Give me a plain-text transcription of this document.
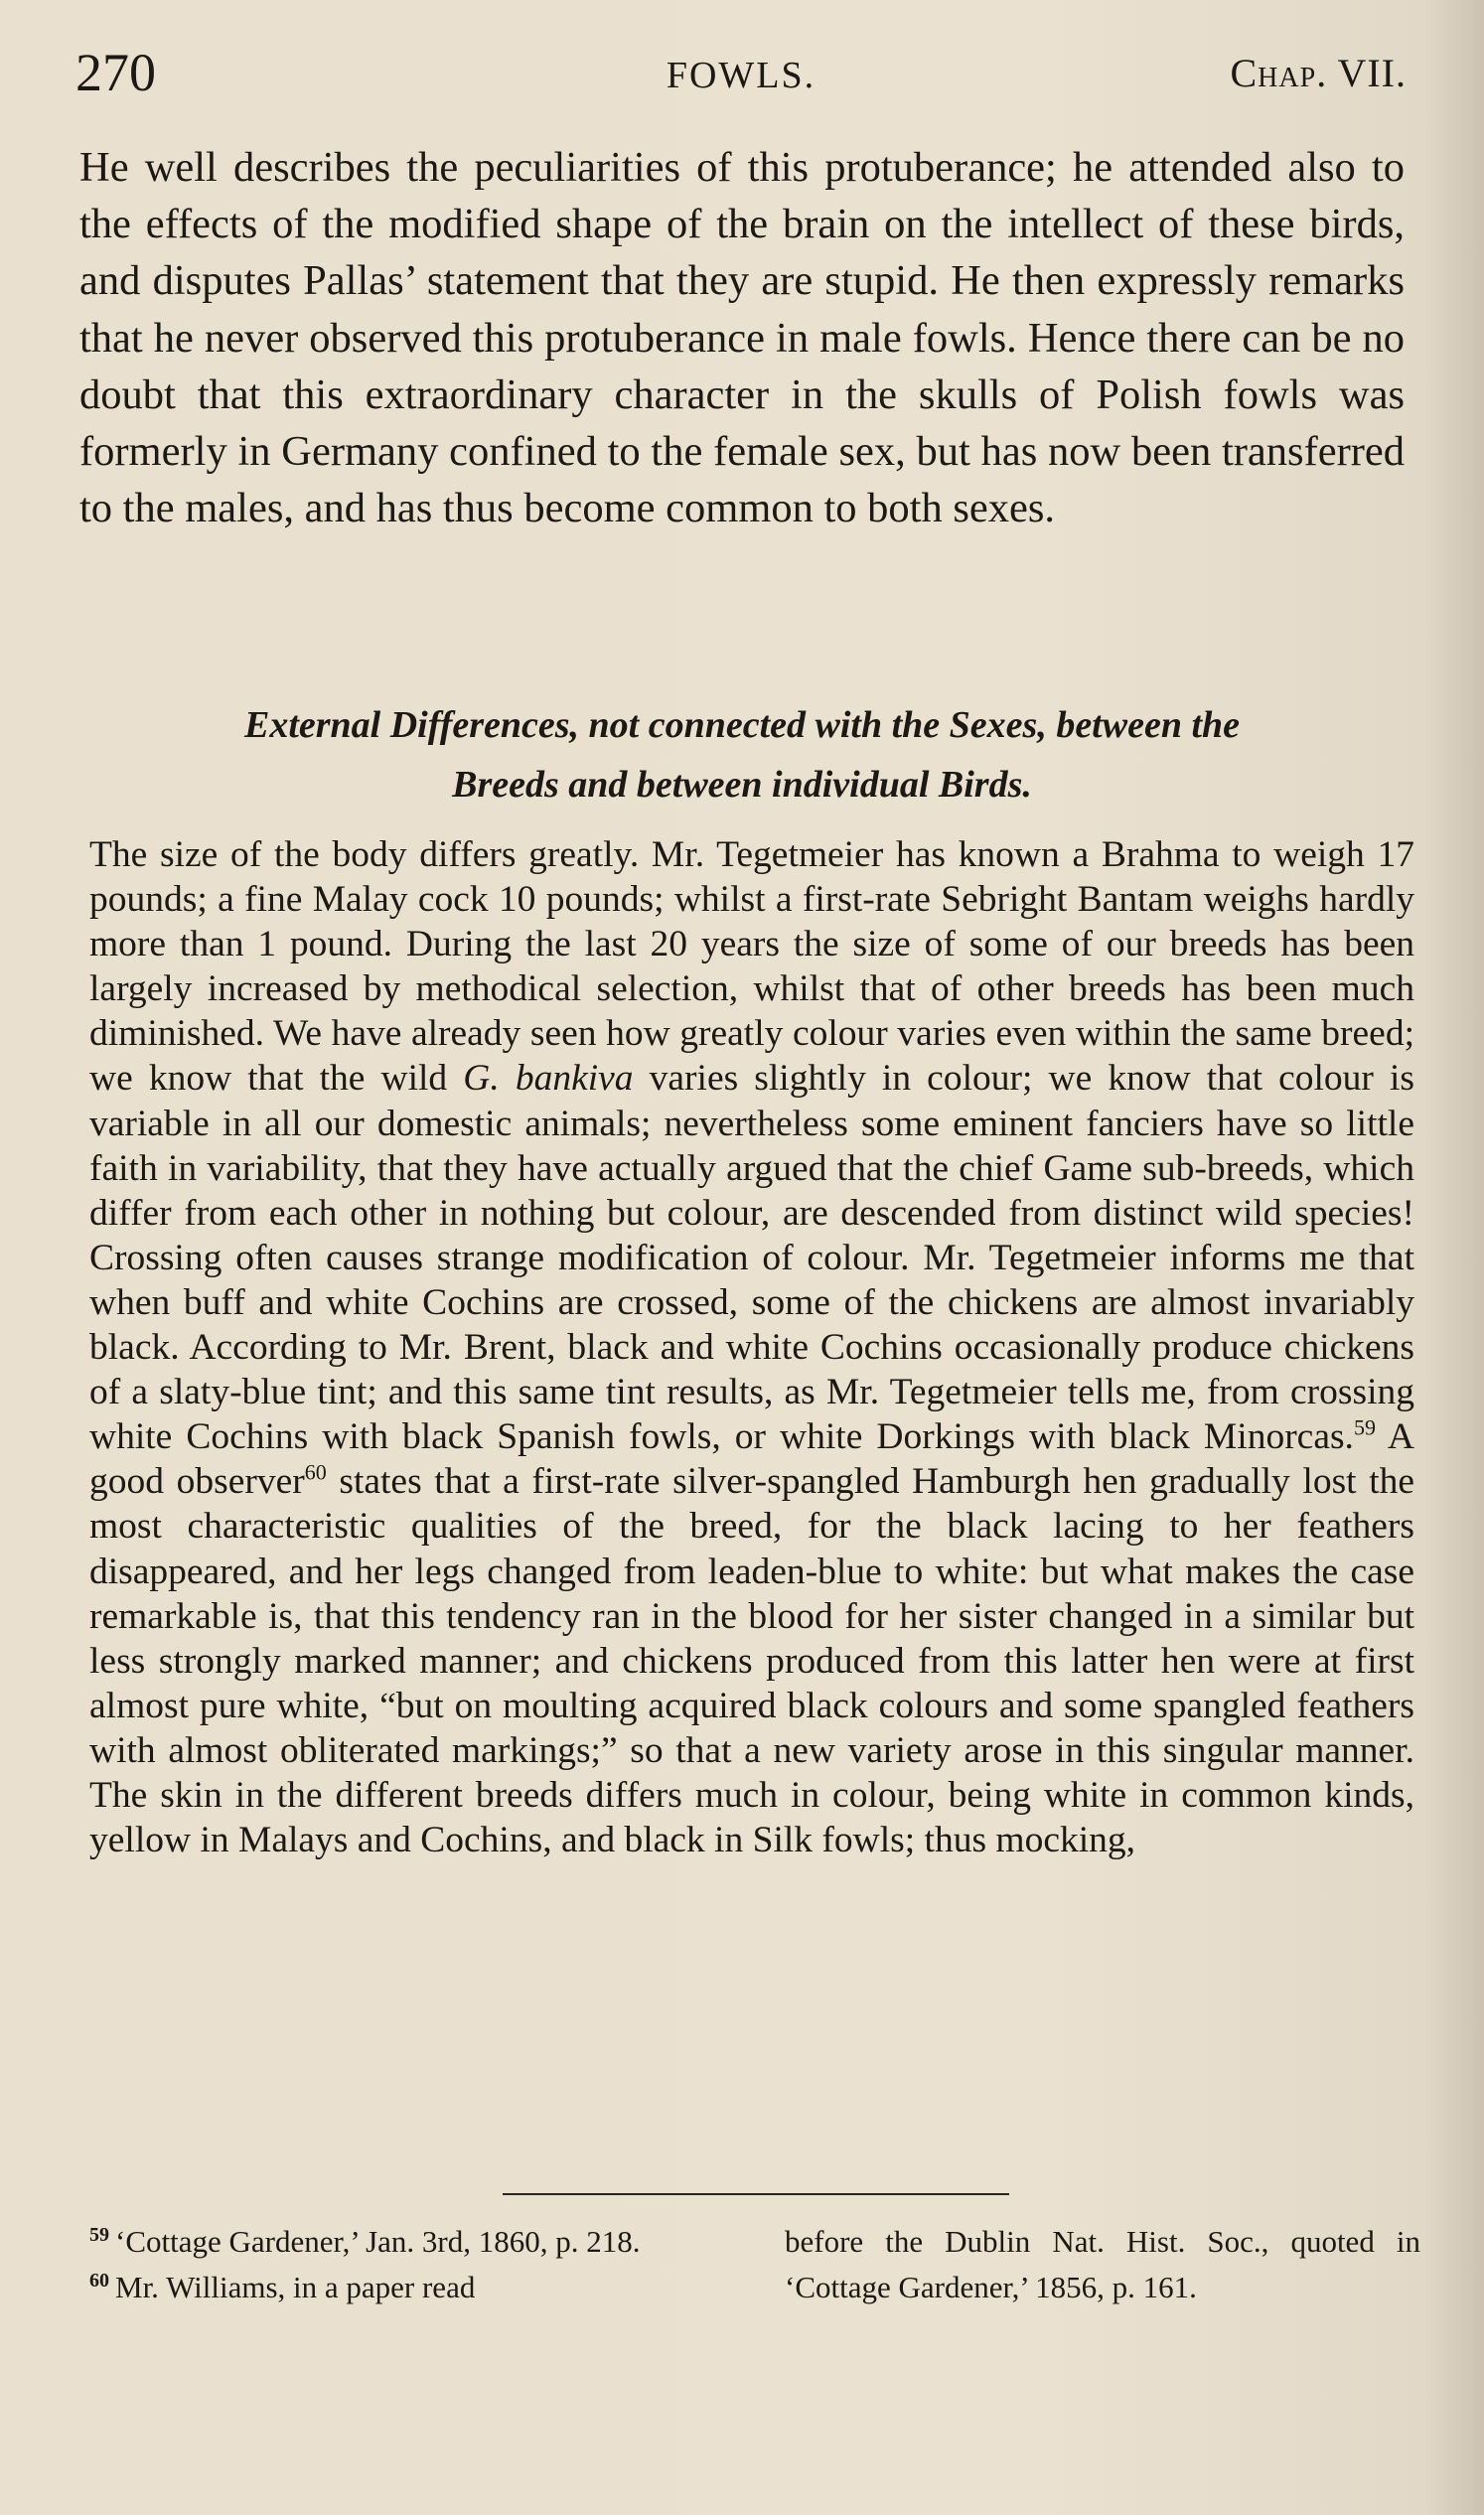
270	FOWLS.	Chap. VII.

He well describes the peculiarities of this protuberance; he attended also to the effects of the modified shape of the brain on the intellect of these birds, and disputes Pallas’ statement that they are stupid. He then expressly remarks that he never observed this protuberance in male fowls. Hence there can be no doubt that this extraordinary character in the skulls of Polish fowls was formerly in Germany confined to the female sex, but has now been transferred to the males, and has thus become common to both sexes.

External Differences, not connected with the Sexes, between the
Breeds and between individual Birds.

The size of the body differs greatly. Mr. Tegetmeier has known a Brahma to weigh 17 pounds; a fine Malay cock 10 pounds; whilst a first-rate Sebright Bantam weighs hardly more than 1 pound. During the last 20 years the size of some of our breeds has been largely increased by methodical selection, whilst that of other breeds has been much diminished. We have already seen how greatly colour varies even within the same breed; we know that the wild G. bankiva varies slightly in colour; we know that colour is variable in all our domestic animals; nevertheless some eminent fanciers have so little faith in variability, that they have actually argued that the chief Game sub-breeds, which differ from each other in nothing but colour, are descended from distinct wild species! Crossing often causes strange modification of colour. Mr. Tegetmeier informs me that when buff and white Cochins are crossed, some of the chickens are almost invariably black. According to Mr. Brent, black and white Cochins occasionally produce chickens of a slaty-blue tint; and this same tint results, as Mr. Tegetmeier tells me, from crossing white Cochins with black Spanish fowls, or white Dorkings with black Minorcas.$^{59}$ A good observer$^{60}$ states that a first-rate silver-spangled Hamburgh hen gradually lost the most characteristic qualities of the breed, for the black lacing to her feathers disappeared, and her legs changed from leaden-blue to white: but what makes the case remarkable is, that this tendency ran in the blood for her sister changed in a similar but less strongly marked manner; and chickens produced from this latter hen were at first almost pure white, “but on moulting acquired black colours and some spangled feathers with almost obliterated markings;” so that a new variety arose in this singular manner. The skin in the different breeds differs much in colour, being white in common kinds, yellow in Malays and Cochins, and black in Silk fowls; thus mocking,

$^{59}$ ‘Cottage Gardener,’ Jan. 3rd, 1860, p. 218.
$^{60}$ Mr. Williams, in a paper read
before the Dublin Nat. Hist. Soc., quoted in ‘Cottage Gardener,’ 1856, p. 161.
